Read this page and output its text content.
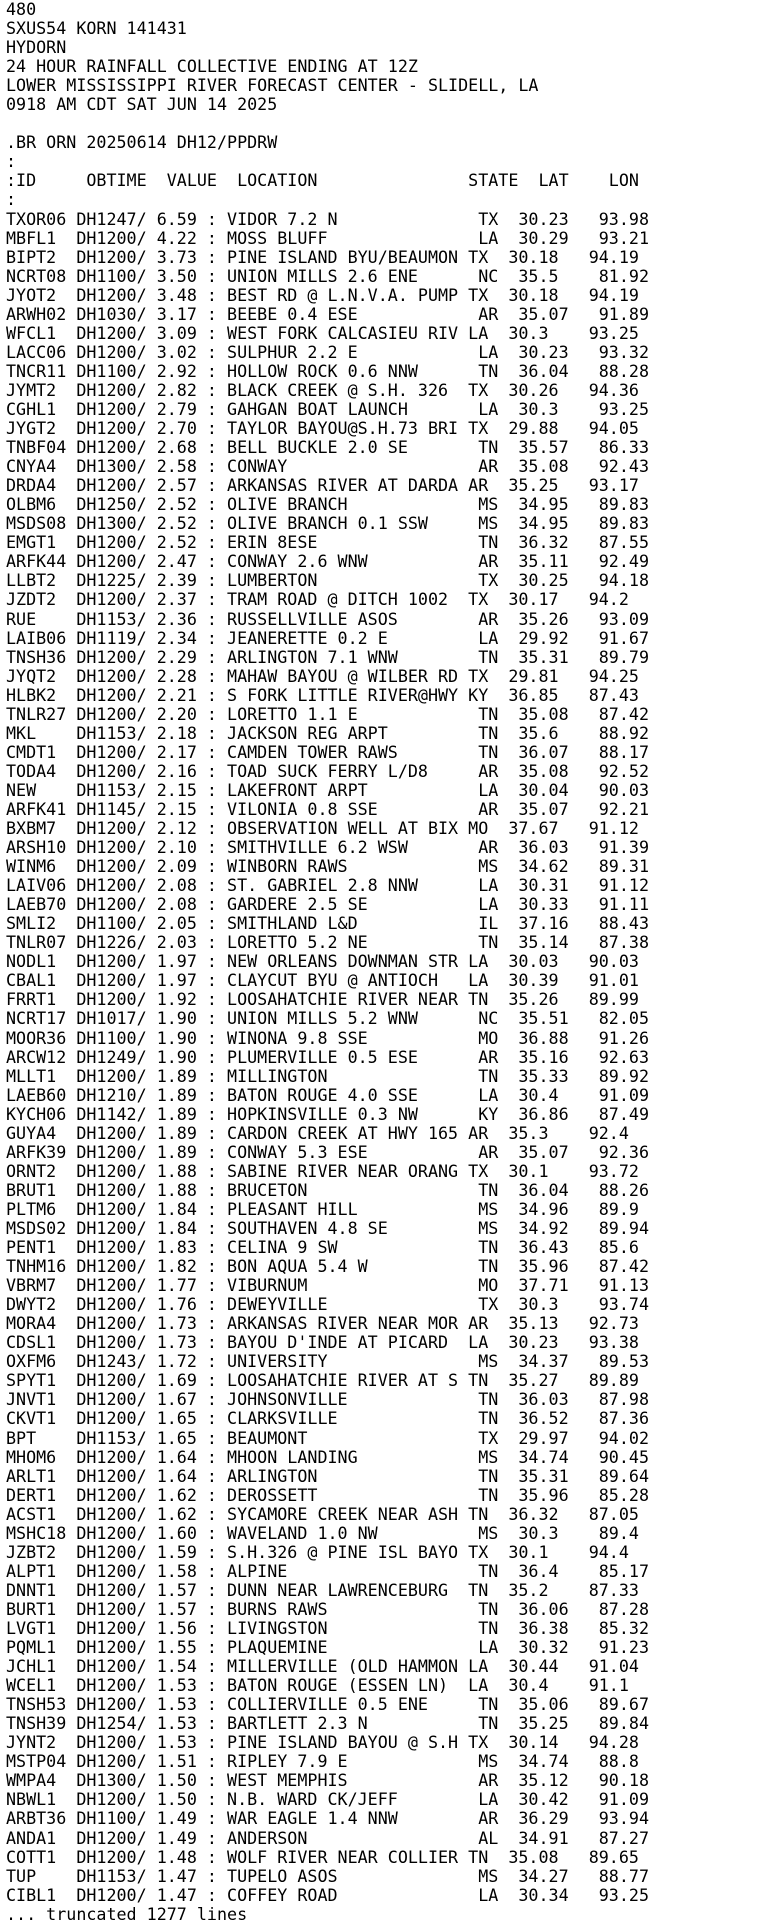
480
SXUS54 KORN 141431
HYDORN
24 HOUR RAINFALL COLLECTIVE ENDING AT 12Z
LOWER MISSISSIPPI RIVER FORECAST CENTER - SLIDELL, LA
0918 AM CDT SAT JUN 14 2025
.BR ORN 20250614 DH12/PPDRW
:
:ID     OBTIME  VALUE  LOCATION               STATE  LAT    LON
:
TXOR06 DH1247/ 6.59 : VIDOR 7.2 N              TX  30.23   93.98
MBFL1  DH1200/ 4.22 : MOSS BLUFF               LA  30.29   93.21
BIPT2  DH1200/ 3.73 : PINE ISLAND BYU/BEAUMON TX  30.18   94.19
NCRT08 DH1100/ 3.50 : UNION MILLS 2.6 ENE      NC  35.5    81.92
JYOT2  DH1200/ 3.48 : BEST RD @ L.N.V.A. PUMP TX  30.18   94.19
ARWH02 DH1030/ 3.17 : BEEBE 0.4 ESE            AR  35.07   91.89
WFCL1  DH1200/ 3.09 : WEST FORK CALCASIEU RIV LA  30.3    93.25
LACC06 DH1200/ 3.02 : SULPHUR 2.2 E            LA  30.23   93.32
TNCR11 DH1100/ 2.92 : HOLLOW ROCK 0.6 NNW      TN  36.04   88.28
JYMT2  DH1200/ 2.82 : BLACK CREEK @ S.H. 326  TX  30.26   94.36
CGHL1  DH1200/ 2.79 : GAHGAN BOAT LAUNCH       LA  30.3    93.25
JYGT2  DH1200/ 2.70 : TAYLOR BAYOU@S.H.73 BRI TX  29.88   94.05
TNBF04 DH1200/ 2.68 : BELL BUCKLE 2.0 SE       TN  35.57   86.33
CNYA4  DH1300/ 2.58 : CONWAY                   AR  35.08   92.43
DRDA4  DH1200/ 2.57 : ARKANSAS RIVER AT DARDA AR  35.25   93.17
OLBM6  DH1250/ 2.52 : OLIVE BRANCH             MS  34.95   89.83
MSDS08 DH1300/ 2.52 : OLIVE BRANCH 0.1 SSW     MS  34.95   89.83
EMGT1  DH1200/ 2.52 : ERIN 8ESE                TN  36.32   87.55
ARFK44 DH1200/ 2.47 : CONWAY 2.6 WNW           AR  35.11   92.49
LLBT2  DH1225/ 2.39 : LUMBERTON                TX  30.25   94.18
JZDT2  DH1200/ 2.37 : TRAM ROAD @ DITCH 1002  TX  30.17   94.2
RUE    DH1153/ 2.36 : RUSSELLVILLE ASOS        AR  35.26   93.09
LAIB06 DH1119/ 2.34 : JEANERETTE 0.2 E         LA  29.92   91.67
TNSH36 DH1200/ 2.29 : ARLINGTON 7.1 WNW        TN  35.31   89.79
JYQT2  DH1200/ 2.28 : MAHAW BAYOU @ WILBER RD TX  29.81   94.25
HLBK2  DH1200/ 2.21 : S FORK LITTLE RIVER@HWY KY  36.85   87.43
TNLR27 DH1200/ 2.20 : LORETTO 1.1 E            TN  35.08   87.42
MKL    DH1153/ 2.18 : JACKSON REG ARPT         TN  35.6    88.92
CMDT1  DH1200/ 2.17 : CAMDEN TOWER RAWS        TN  36.07   88.17
TODA4  DH1200/ 2.16 : TOAD SUCK FERRY L/D8     AR  35.08   92.52
NEW    DH1153/ 2.15 : LAKEFRONT ARPT           LA  30.04   90.03
ARFK41 DH1145/ 2.15 : VILONIA 0.8 SSE          AR  35.07   92.21
BXBM7  DH1200/ 2.12 : OBSERVATION WELL AT BIX MO  37.67   91.12
ARSH10 DH1200/ 2.10 : SMITHVILLE 6.2 WSW       AR  36.03   91.39
WINM6  DH1200/ 2.09 : WINBORN RAWS             MS  34.62   89.31
LAIV06 DH1200/ 2.08 : ST. GABRIEL 2.8 NNW      LA  30.31   91.12
LAEB70 DH1200/ 2.08 : GARDERE 2.5 SE           LA  30.33   91.11
SMLI2  DH1100/ 2.05 : SMITHLAND L&D            IL  37.16   88.43
TNLR07 DH1226/ 2.03 : LORETTO 5.2 NE           TN  35.14   87.38
NODL1  DH1200/ 1.97 : NEW ORLEANS DOWNMAN STR LA  30.03   90.03
CBAL1  DH1200/ 1.97 : CLAYCUT BYU @ ANTIOCH   LA  30.39   91.01
FRRT1  DH1200/ 1.92 : LOOSAHATCHIE RIVER NEAR TN  35.26   89.99
NCRT17 DH1017/ 1.90 : UNION MILLS 5.2 WNW      NC  35.51   82.05
MOOR36 DH1100/ 1.90 : WINONA 9.8 SSE           MO  36.88   91.26
ARCW12 DH1249/ 1.90 : PLUMERVILLE 0.5 ESE      AR  35.16   92.63
MLLT1  DH1200/ 1.89 : MILLINGTON               TN  35.33   89.92
LAEB60 DH1210/ 1.89 : BATON ROUGE 4.0 SSE      LA  30.4    91.09
KYCH06 DH1142/ 1.89 : HOPKINSVILLE 0.3 NW      KY  36.86   87.49
GUYA4  DH1200/ 1.89 : CARDON CREEK AT HWY 165 AR  35.3    92.4
ARFK39 DH1200/ 1.89 : CONWAY 5.3 ESE           AR  35.07   92.36
ORNT2  DH1200/ 1.88 : SABINE RIVER NEAR ORANG TX  30.1    93.72
BRUT1  DH1200/ 1.88 : BRUCETON                 TN  36.04   88.26
PLTM6  DH1200/ 1.84 : PLEASANT HILL            MS  34.96   89.9
MSDS02 DH1200/ 1.84 : SOUTHAVEN 4.8 SE         MS  34.92   89.94
PENT1  DH1200/ 1.83 : CELINA 9 SW              TN  36.43   85.6
TNHM16 DH1200/ 1.82 : BON AQUA 5.4 W           TN  35.96   87.42
VBRM7  DH1200/ 1.77 : VIBURNUM                 MO  37.71   91.13
DWYT2  DH1200/ 1.76 : DEWEYVILLE               TX  30.3    93.74
MORA4  DH1200/ 1.73 : ARKANSAS RIVER NEAR MOR AR  35.13   92.73
CDSL1  DH1200/ 1.73 : BAYOU D'INDE AT PICARD  LA  30.23   93.38
OXFM6  DH1243/ 1.72 : UNIVERSITY               MS  34.37   89.53
SPYT1  DH1200/ 1.69 : LOOSAHATCHIE RIVER AT S TN  35.27   89.89
JNVT1  DH1200/ 1.67 : JOHNSONVILLE             TN  36.03   87.98
CKVT1  DH1200/ 1.65 : CLARKSVILLE              TN  36.52   87.36
BPT    DH1153/ 1.65 : BEAUMONT                 TX  29.97   94.02
MHOM6  DH1200/ 1.64 : MHOON LANDING            MS  34.74   90.45
ARLT1  DH1200/ 1.64 : ARLINGTON                TN  35.31   89.64
DERT1  DH1200/ 1.62 : DEROSSETT                TN  35.96   85.28
ACST1  DH1200/ 1.62 : SYCAMORE CREEK NEAR ASH TN  36.32   87.05
MSHC18 DH1200/ 1.60 : WAVELAND 1.0 NW          MS  30.3    89.4
JZBT2  DH1200/ 1.59 : S.H.326 @ PINE ISL BAYO TX  30.1    94.4
ALPT1  DH1200/ 1.58 : ALPINE                   TN  36.4    85.17
DNNT1  DH1200/ 1.57 : DUNN NEAR LAWRENCEBURG  TN  35.2    87.33
BURT1  DH1200/ 1.57 : BURNS RAWS               TN  36.06   87.28
LVGT1  DH1200/ 1.56 : LIVINGSTON               TN  36.38   85.32
PQML1  DH1200/ 1.55 : PLAQUEMINE               LA  30.32   91.23
JCHL1  DH1200/ 1.54 : MILLERVILLE (OLD HAMMON LA  30.44   91.04
WCEL1  DH1200/ 1.53 : BATON ROUGE (ESSEN LN)  LA  30.4    91.1
TNSH53 DH1200/ 1.53 : COLLIERVILLE 0.5 ENE     TN  35.06   89.67
TNSH39 DH1254/ 1.53 : BARTLETT 2.3 N           TN  35.25   89.84
JYNT2  DH1200/ 1.53 : PINE ISLAND BAYOU @ S.H TX  30.14   94.28
MSTP04 DH1200/ 1.51 : RIPLEY 7.9 E             MS  34.74   88.8
WMPA4  DH1300/ 1.50 : WEST MEMPHIS             AR  35.12   90.18
NBWL1  DH1200/ 1.50 : N.B. WARD CK/JEFF        LA  30.42   91.09
ARBT36 DH1100/ 1.49 : WAR EAGLE 1.4 NNW        AR  36.29   93.94
ANDA1  DH1200/ 1.49 : ANDERSON                 AL  34.91   87.27
COTT1  DH1200/ 1.48 : WOLF RIVER NEAR COLLIER TN  35.08   89.65
TUP    DH1153/ 1.47 : TUPELO ASOS              MS  34.27   88.77
CIBL1  DH1200/ 1.47 : COFFEY ROAD              LA  30.34   93.25
... truncated 1277 lines
